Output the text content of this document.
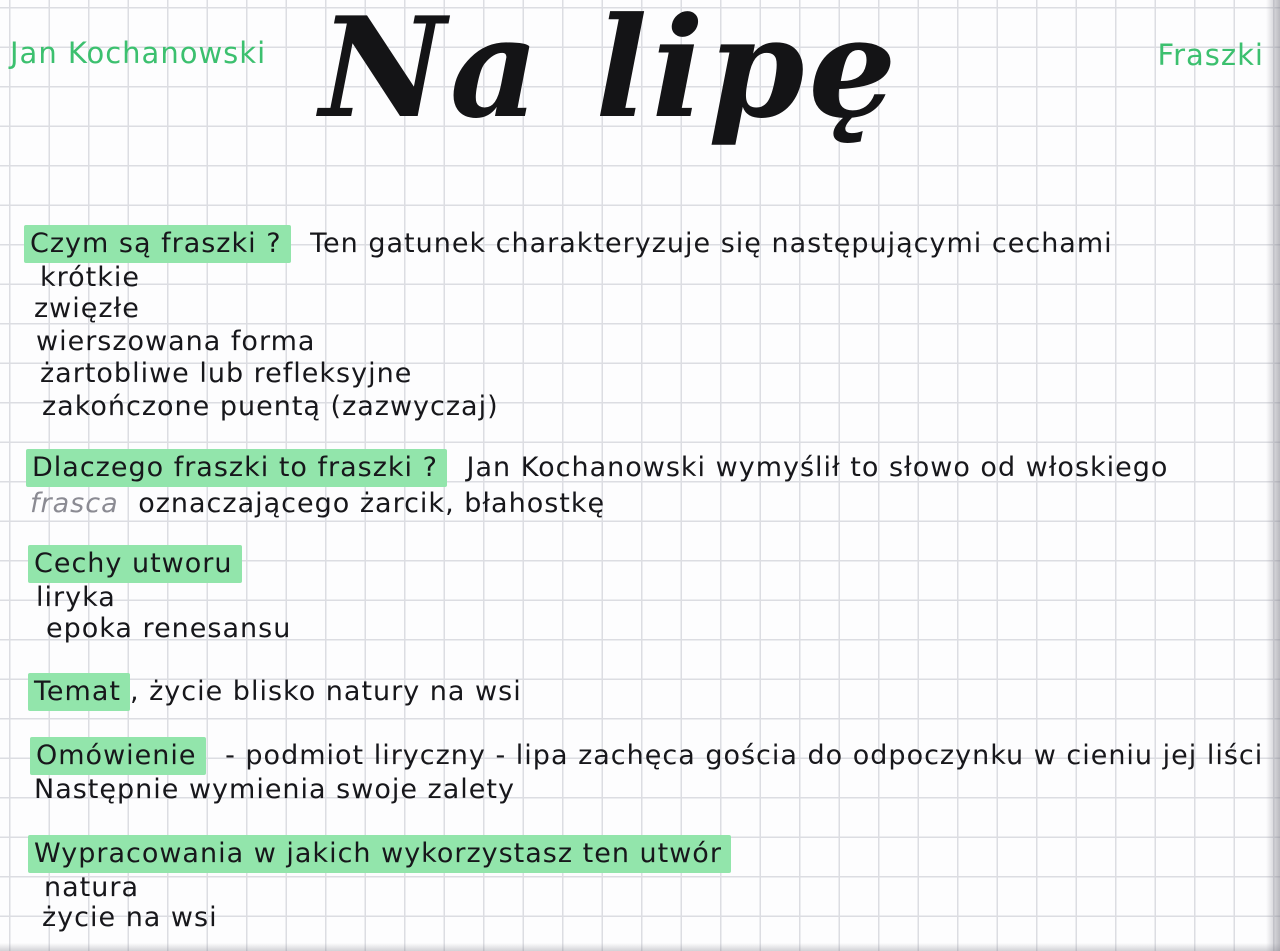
Jan Kochanowski Na lipę	Fraszki
Czym są fraszki ? Ten gatunek charakteryzuje się następującymi cechami
krótkie
zwięzłe
wierszowana forma
żartobliwe lub refleksyjne
zakończone puentą (zazwyczaj)
Dlaczego fraszki to fraszki ? Jan Kochanowski wymyślił to słowo od włoskiego
frasca oznaczającego żarcik, błahostkę
Cechy utworu
liryka
epoka renesansu
Temat , życie blisko natury na wsi
Omówienie - podmiot liryczny - lipa zachęca gościa do odpoczynku w cieniu jej liści
Następnie wymienia swoje zalety
Wypracowania w jakich wykorzystasz ten utwór
natura
życie na wsi
